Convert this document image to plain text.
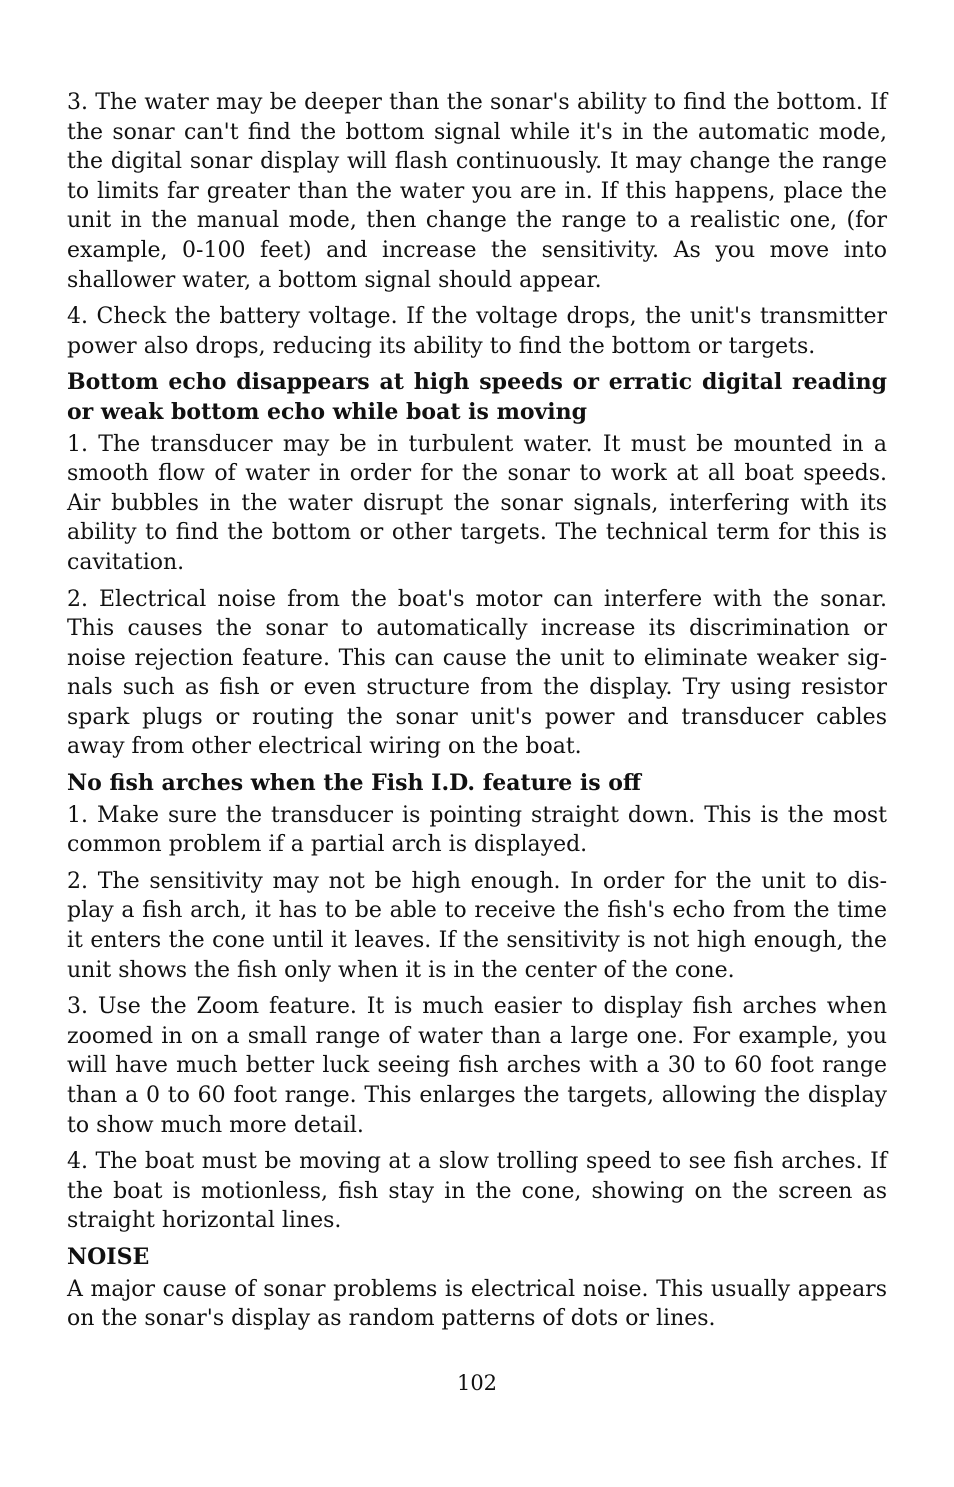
3. The water may be deeper than the sonar's ability to find the bottom. If the sonar can't find the bottom signal while it's in the automatic mode, the digital sonar display will flash continuously. It may change the range to limits far greater than the water you are in. If this happens, place the unit in the manual mode, then change the range to a realistic one, (for example, 0-100 feet) and increase the sensitivity. As you move into shallower water, a bottom signal should appear.

4. Check the battery voltage. If the voltage drops, the unit's transmitter power also drops, reducing its ability to find the bottom or targets.

Bottom echo disappears at high speeds or erratic digital reading or weak bottom echo while boat is moving

1. The transducer may be in turbulent water. It must be mounted in a smooth flow of water in order for the sonar to work at all boat speeds. Air bubbles in the water disrupt the sonar signals, interfering with its ability to find the bottom or other targets. The technical term for this is cavitation.

2. Electrical noise from the boat's motor can interfere with the sonar. This causes the sonar to automatically increase its discrimination or noise rejection feature. This can cause the unit to eliminate weaker signals such as fish or even structure from the display. Try using resistor spark plugs or routing the sonar unit's power and transducer cables away from other electrical wiring on the boat.

No fish arches when the Fish I.D. feature is off

1. Make sure the transducer is pointing straight down. This is the most common problem if a partial arch is displayed.

2. The sensitivity may not be high enough. In order for the unit to display a fish arch, it has to be able to receive the fish's echo from the time it enters the cone until it leaves. If the sensitivity is not high enough, the unit shows the fish only when it is in the center of the cone.

3. Use the Zoom feature. It is much easier to display fish arches when zoomed in on a small range of water than a large one. For example, you will have much better luck seeing fish arches with a 30 to 60 foot range than a 0 to 60 foot range. This enlarges the targets, allowing the display to show much more detail.

4. The boat must be moving at a slow trolling speed to see fish arches. If the boat is motionless, fish stay in the cone, showing on the screen as straight horizontal lines.

NOISE

A major cause of sonar problems is electrical noise. This usually appears on the sonar's display as random patterns of dots or lines.

102
